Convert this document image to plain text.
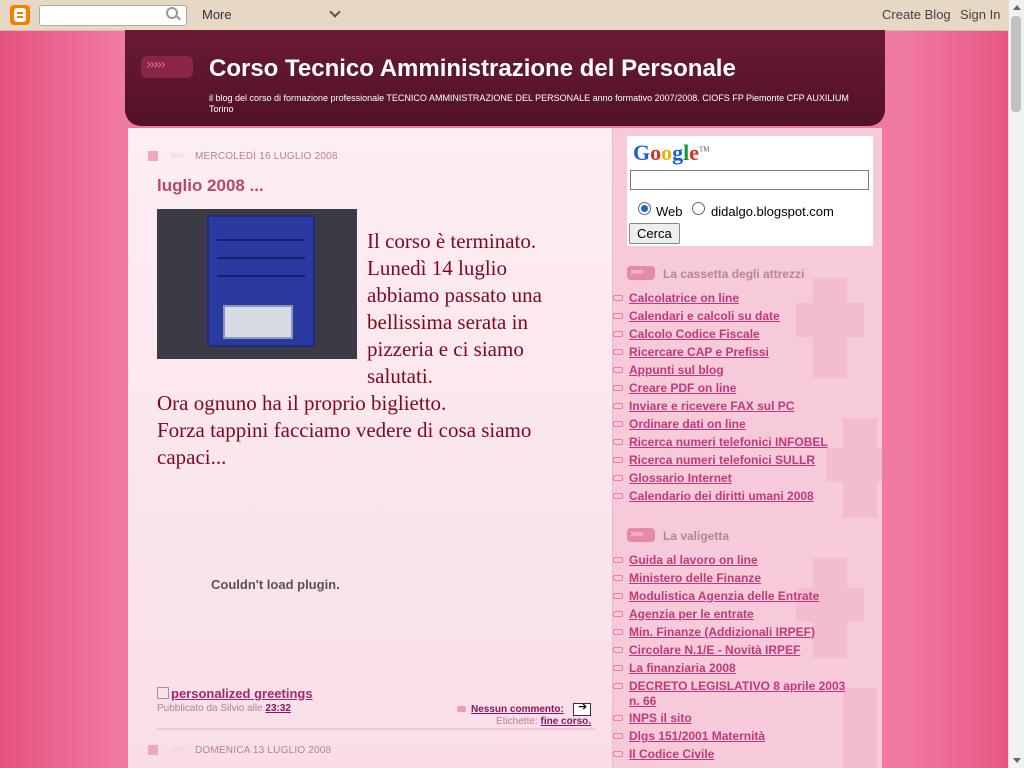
More	Create Blog Sign In
››››› Corso Tecnico Amministrazione del Personale

il blog del corso di formazione professionale TECNICO AMMINISTRAZIONE DEL PERSONALE anno formativo 2007/2008. CIOFS FP Piemonte CFP AUXILIUM Torino

››››› MERCOLEDÌ 16 LUGLIO 2008
luglio 2008 ...
Il corso è terminato.
Lunedì 14 luglio
abbiamo passato una
bellissima serata in
pizzeria e ci siamo
salutati.
Ora ognuno ha il proprio biglietto.
Forza tappini facciamo vedere di cosa siamo
capaci...
Couldn't load plugin.
personalized greetings
Pubblicato da Silvio alle 23:32	Nessun commento:
➔
Etichette: fine corso.
››››› DOMENICA 13 LUGLIO 2008
Google™
Web didalgo.blogspot.com
Cerca
››››› La cassetta degli attrezzi
Calcolatrice on line
Calendari e calcoli su date
Calcolo Codice Fiscale
Ricercare CAP e Prefissi
Appunti sul blog
Creare PDF on line
Inviare e ricevere FAX sul PC
Ordinare dati on line
Ricerca numeri telefonici INFOBEL
Ricerca numeri telefonici SULLR
Glossario Internet
Calendario dei diritti umani 2008
››››› La valigetta
Guida al lavoro on line
Ministero delle Finanze
Modulistica Agenzia delle Entrate
Agenzia per le entrate
Min. Finanze (Addizionali IRPEF)
Circolare N.1/E - Novità IRPEF
La finanziaria 2008
DECRETO LEGISLATIVO 8 aprile 2003 n. 66
INPS il sito
Dlgs 151/2001 Maternità
Il Codice Civile
